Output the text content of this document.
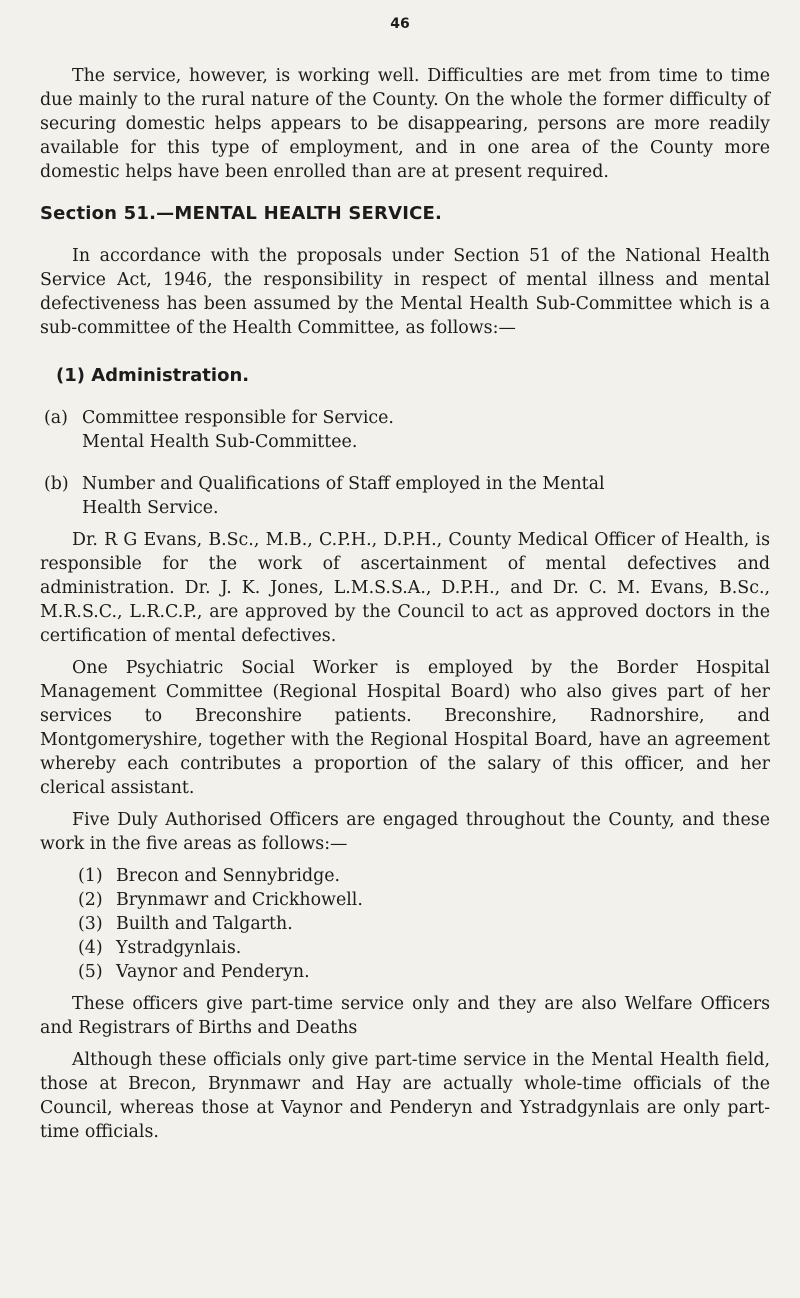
46

The service, however, is working well. Difficulties are met from time to time due mainly to the rural nature of the County. On the whole the former difficulty of securing domestic helps appears to be disappearing, persons are more readily available for this type of employment, and in one area of the County more domestic helps have been enrolled than are at present required.

Section 51.—MENTAL HEALTH SERVICE.

In accordance with the proposals under Section 51 of the National Health Service Act, 1946, the responsibility in respect of mental illness and mental defectiveness has been assumed by the Mental Health Sub-Committee which is a sub-committee of the Health Committee, as follows:—

(1) Administration.
(a) Committee responsible for Service.
Mental Health Sub-Committee.
(b) Number and Qualifications of Staff employed in the Mental
Health Service.

Dr. R G Evans, B.Sc., M.B., C.P.H., D.P.H., County Medical Officer of Health, is responsible for the work of ascertainment of mental defectives and administration. Dr. J. K. Jones, L.M.S.S.A., D.P.H., and Dr. C. M. Evans, B.Sc., M.R.S.C., L.R.C.P., are approved by the Council to act as approved doctors in the certification of mental defectives.

One Psychiatric Social Worker is employed by the Border Hospital Management Committee (Regional Hospital Board) who also gives part of her services to Breconshire patients. Breconshire, Radnorshire, and Montgomeryshire, together with the Regional Hospital Board, have an agreement whereby each contributes a proportion of the salary of this officer, and her clerical assistant.

Five Duly Authorised Officers are engaged throughout the County, and these work in the five areas as follows:—

(1) Brecon and Sennybridge.
(2) Brynmawr and Crickhowell.
(3) Builth and Talgarth.
(4) Ystradgynlais.
(5) Vaynor and Penderyn.

These officers give part-time service only and they are also Welfare Officers and Registrars of Births and Deaths

Although these officials only give part-time service in the Mental Health field, those at Brecon, Brynmawr and Hay are actually whole-time officials of the Council, whereas those at Vaynor and Penderyn and Ystradgynlais are only part-time officials.
